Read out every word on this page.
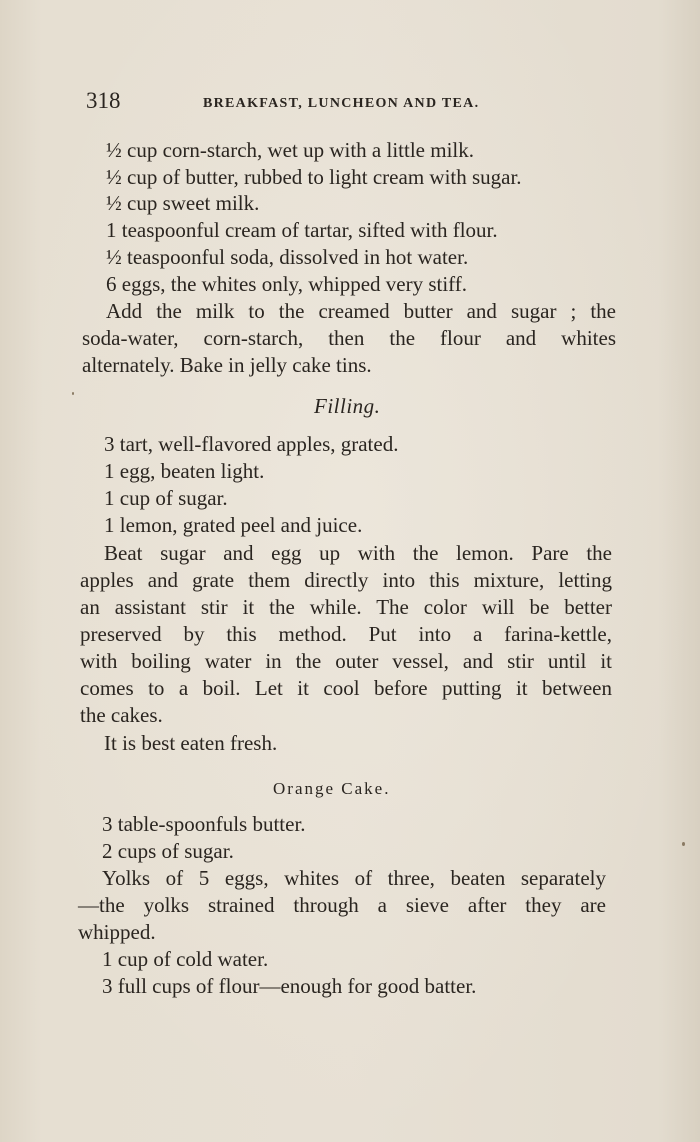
318	BREAKFAST, LUNCHEON AND TEA.
½ cup corn-starch, wet up with a little milk.
½ cup of butter, rubbed to light cream with sugar.
½ cup sweet milk.
1 teaspoonful cream of tartar, sifted with flour.
½ teaspoonful soda, dissolved in hot water.
6 eggs, the whites only, whipped very stiff.
Add the milk to the creamed butter and sugar ; the
soda-water, corn-starch, then the flour and whites
alternately. Bake in jelly cake tins.
Filling.
3 tart, well-flavored apples, grated.
1 egg, beaten light.
1 cup of sugar.
1 lemon, grated peel and juice.
Beat sugar and egg up with the lemon. Pare the
apples and grate them directly into this mixture, letting
an assistant stir it the while. The color will be better
preserved by this method. Put into a farina-kettle,
with boiling water in the outer vessel, and stir until it
comes to a boil. Let it cool before putting it between
the cakes.
It is best eaten fresh.
Orange Cake.
3 table-spoonfuls butter.
2 cups of sugar.
Yolks of 5 eggs, whites of three, beaten separately
—the yolks strained through a sieve after they are
whipped.
1 cup of cold water.
3 full cups of flour—enough for good batter.
